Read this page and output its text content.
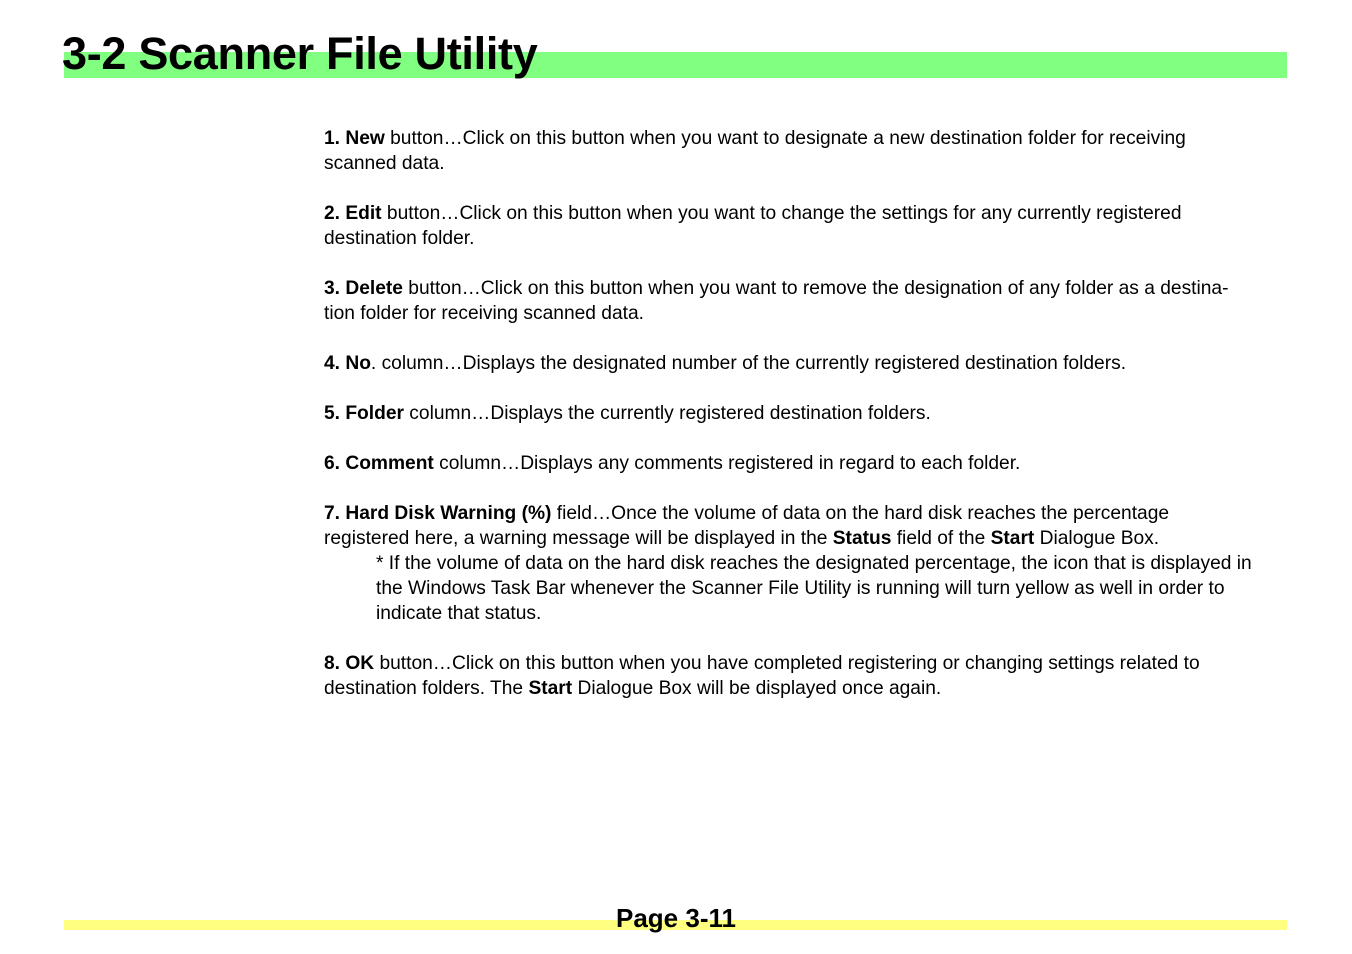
3-2 Scanner File Utility
1. New button…Click on this button when you want to designate a new destination folder for receiving
scanned data.
2. Edit button…Click on this button when you want to change the settings for any currently registered
destination folder.
3. Delete button…Click on this button when you want to remove the designation of any folder as a destina-
tion folder for receiving scanned data.
4. No. column…Displays the designated number of the currently registered destination folders.
5. Folder column…Displays the currently registered destination folders.
6. Comment column…Displays any comments registered in regard to each folder.
7. Hard Disk Warning (%) field…Once the volume of data on the hard disk reaches the percentage
registered here, a warning message will be displayed in the Status field of the Start Dialogue Box.
* If the volume of data on the hard disk reaches the designated percentage, the icon that is displayed in
the Windows Task Bar whenever the Scanner File Utility is running will turn yellow as well in order to
indicate that status.
8. OK button…Click on this button when you have completed registering or changing settings related to
destination folders. The Start Dialogue Box will be displayed once again.
Page 3-11
